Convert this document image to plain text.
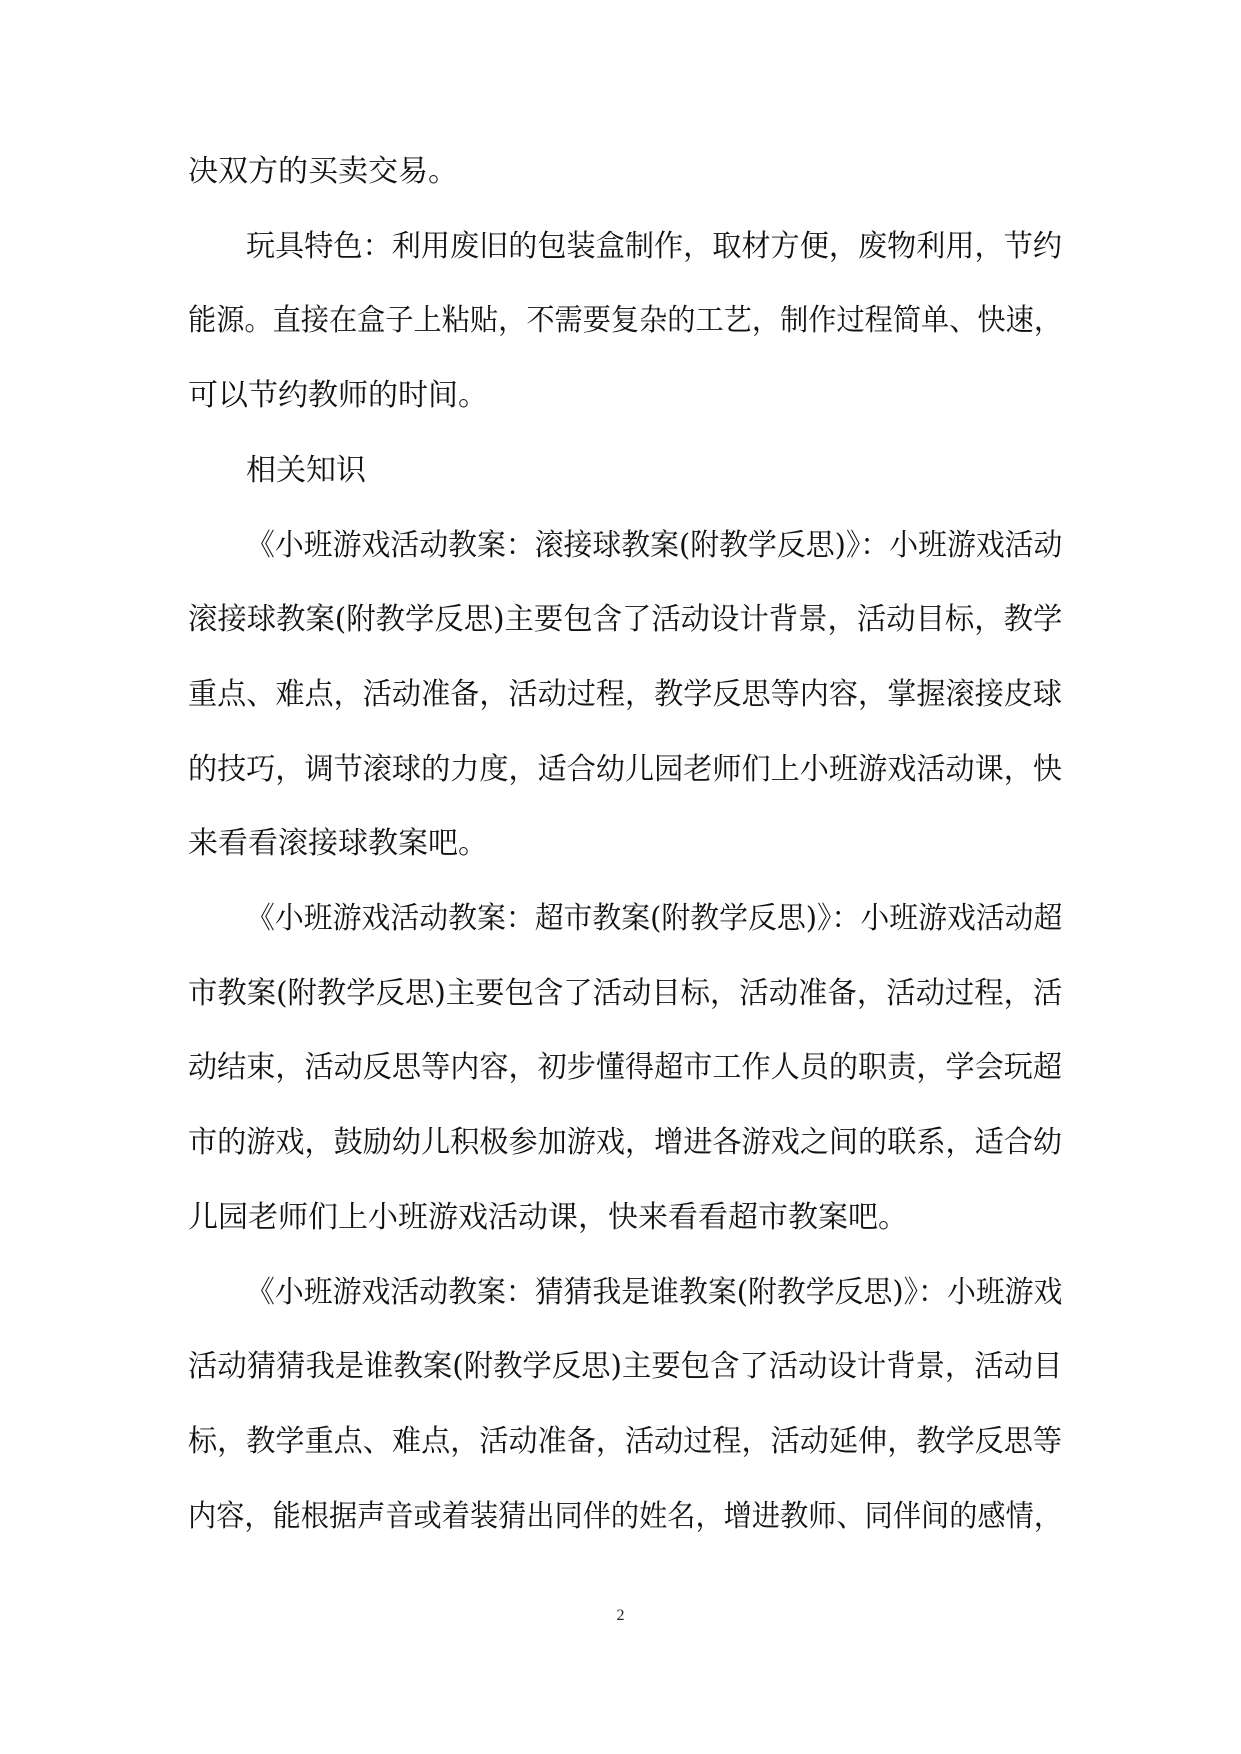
决双方的买卖交易。
玩具特色：利用废旧的包装盒制作，取材方便，废物利用，节约
能源。直接在盒子上粘贴，不需要复杂的工艺，制作过程简单、快速，
可以节约教师的时间。
相关知识
《小班游戏活动教案：滚接球教案(附教学反思)》：小班游戏活动
滚接球教案(附教学反思)主要包含了活动设计背景，活动目标，教学
重点、难点，活动准备，活动过程，教学反思等内容，掌握滚接皮球
的技巧，调节滚球的力度，适合幼儿园老师们上小班游戏活动课，快
来看看滚接球教案吧。
《小班游戏活动教案：超市教案(附教学反思)》：小班游戏活动超
市教案(附教学反思)主要包含了活动目标，活动准备，活动过程，活
动结束，活动反思等内容，初步懂得超市工作人员的职责，学会玩超
市的游戏，鼓励幼儿积极参加游戏，增进各游戏之间的联系，适合幼
儿园老师们上小班游戏活动课，快来看看超市教案吧。
《小班游戏活动教案：猜猜我是谁教案(附教学反思)》：小班游戏
活动猜猜我是谁教案(附教学反思)主要包含了活动设计背景，活动目
标，教学重点、难点，活动准备，活动过程，活动延伸，教学反思等
内容，能根据声音或着装猜出同伴的姓名，增进教师、同伴间的感情，
2
